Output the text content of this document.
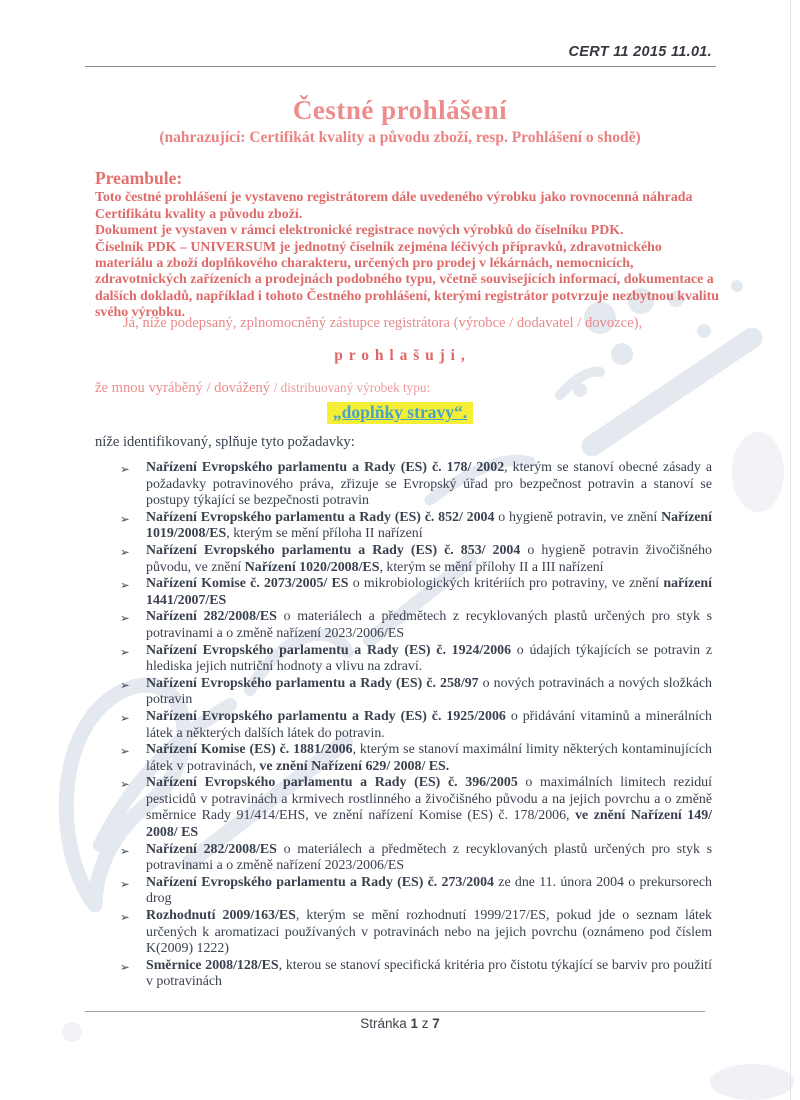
CERT 11 2015 11.01.
Čestné prohlášení
(nahrazující: Certifikát kvality a původu zboží, resp. Prohlášení o shodě)
Preambule:

Toto čestné prohlášení je vystaveno registrátorem dále uvedeného výrobku jako rovnocenná náhrada Certifikátu kvality a původu zboží.

Dokument je vystaven v rámci elektronické registrace nových výrobků do číselníku PDK.

Číselník PDK – UNIVERSUM je jednotný číselník zejména léčivých přípravků, zdravotnického materiálu a zboží doplňkového charakteru, určených pro prodej v lékárnách, nemocnicích, zdravotnických zařízeních a prodejnách podobného typu, včetně souvisejících informací, dokumentace a dalších dokladů, například i tohoto Čestného prohlášení, kterými registrátor potvrzuje nezbytnou kvalitu svého výrobku.

Já, níže podepsaný, zplnomocněný zástupce registrátora (výrobce / dodavatel / dovozce),
p r o h l a š u j i ,
že mnou vyráběný / dovážený / distribuovaný výrobek typu:
„doplňky stravy“.
níže identifikovaný, splňuje tyto požadavky:
➢ Nařízení Evropského parlamentu a Rady (ES) č. 178/ 2002, kterým se stanoví obecné zásady a požadavky potravinového práva, zřizuje se Evropský úřad pro bezpečnost potravin a stanoví se postupy týkající se bezpečnosti potravin
➢ Nařízení Evropského parlamentu a Rady (ES) č. 852/ 2004 o hygieně potravin, ve znění Nařízení 1019/2008/ES, kterým se mění příloha II nařízení
➢ Nařízení Evropského parlamentu a Rady (ES) č. 853/ 2004 o hygieně potravin živočišného původu, ve znění Nařízení 1020/2008/ES, kterým se mění přílohy II a III nařízení
➢ Nařízení Komise č. 2073/2005/ ES o mikrobiologických kritériích pro potraviny, ve znění nařízení 1441/2007/ES
➢ Nařízení 282/2008/ES o materiálech a předmětech z recyklovaných plastů určených pro styk s potravinami a o změně nařízení 2023/2006/ES
➢ Nařízení Evropského parlamentu a Rady (ES) č. 1924/2006 o údajích týkajících se potravin z hlediska jejich nutriční hodnoty a vlivu na zdraví.
➢ Nařízení Evropského parlamentu a Rady (ES) č. 258/97 o nových potravinách a nových složkách potravin
➢ Nařízení Evropského parlamentu a Rady (ES) č. 1925/2006 o přidávání vitaminů a minerálních látek a některých dalších látek do potravin.
➢ Nařízení Komise (ES) č. 1881/2006, kterým se stanoví maximální limity některých kontaminujících látek v potravinách, ve znění Nařízení 629/ 2008/ ES.
➢ Nařízení Evropského parlamentu a Rady (ES) č. 396/2005 o maximálních limitech reziduí pesticidů v potravinách a krmivech rostlinného a živočišného původu a na jejich povrchu a o změně směrnice Rady 91/414/EHS, ve znění nařízení Komise (ES) č. 178/2006, ve znění Nařízení 149/ 2008/ ES
➢ Nařízení 282/2008/ES o materiálech a předmětech z recyklovaných plastů určených pro styk s potravinami a o změně nařízení 2023/2006/ES
➢ Nařízení Evropského parlamentu a Rady (ES) č. 273/2004 ze dne 11. února 2004 o prekursorech drog
➢ Rozhodnutí 2009/163/ES, kterým se mění rozhodnutí 1999/217/ES, pokud jde o seznam látek určených k aromatizaci používaných v potravinách nebo na jejich povrchu (oznámeno pod číslem K(2009) 1222)
➢ Směrnice 2008/128/ES, kterou se stanoví specifická kritéria pro čistotu týkající se barviv pro použití v potravinách
Stránka 1 z 7
